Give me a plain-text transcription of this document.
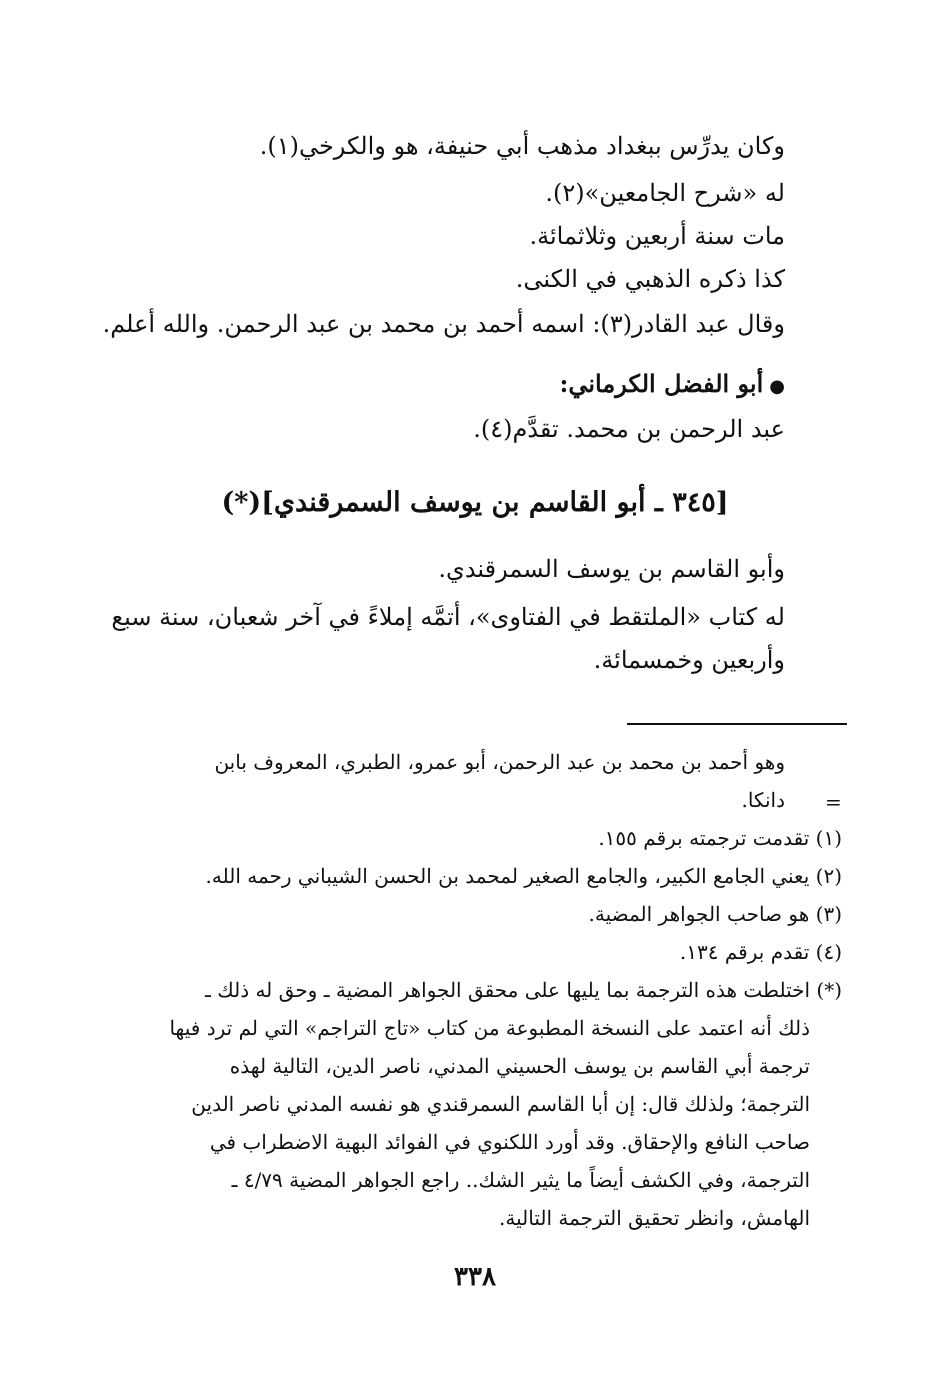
وكان يدرِّس ببغداد مذهب أبي حنيفة، هو والكرخي(١).
له «شرح الجامعين»(٢).
مات سنة أربعين وثلاثمائة.
كذا ذكره الذهبي في الكنى.
وقال عبد القادر(٣): اسمه أحمد بن محمد بن عبد الرحمن. والله أعلم.
●أبو الفضل الكرماني:
عبد الرحمن بن محمد. تقدَّم(٤).
[٣٤٥ ـ أبو القاسم بن يوسف السمرقندي](*)
وأبو القاسم بن يوسف السمرقندي.
له كتاب «الملتقط في الفتاوى»، أتمَّه إملاءً في آخر شعبان، سنة سبع
وأربعين وخمسمائة.
=
وهو أحمد بن محمد بن عبد الرحمن، أبو عمرو، الطبري، المعروف بابن
دانكا.
(١) تقدمت ترجمته برقم ١٥٥.
(٢) يعني الجامع الكبير، والجامع الصغير لمحمد بن الحسن الشيباني رحمه الله.
(٣) هو صاحب الجواهر المضية.
(٤) تقدم برقم ١٣٤.
(*) اختلطت هذه الترجمة بما يليها على محقق الجواهر المضية ـ وحق له ذلك ـ
ذلك أنه اعتمد على النسخة المطبوعة من كتاب «تاج التراجم» التي لم ترد فيها
ترجمة أبي القاسم بن يوسف الحسيني المدني، ناصر الدين، التالية لهذه
الترجمة؛ ولذلك قال: إن أبا القاسم السمرقندي هو نفسه المدني ناصر الدين
صاحب النافع والإحقاق. وقد أورد اللكنوي في الفوائد البهية الاضطراب في
الترجمة، وفي الكشف أيضاً ما يثير الشك.. راجع الجواهر المضية ٤/٧٩ ـ
الهامش، وانظر تحقيق الترجمة التالية.
٣٣٨
